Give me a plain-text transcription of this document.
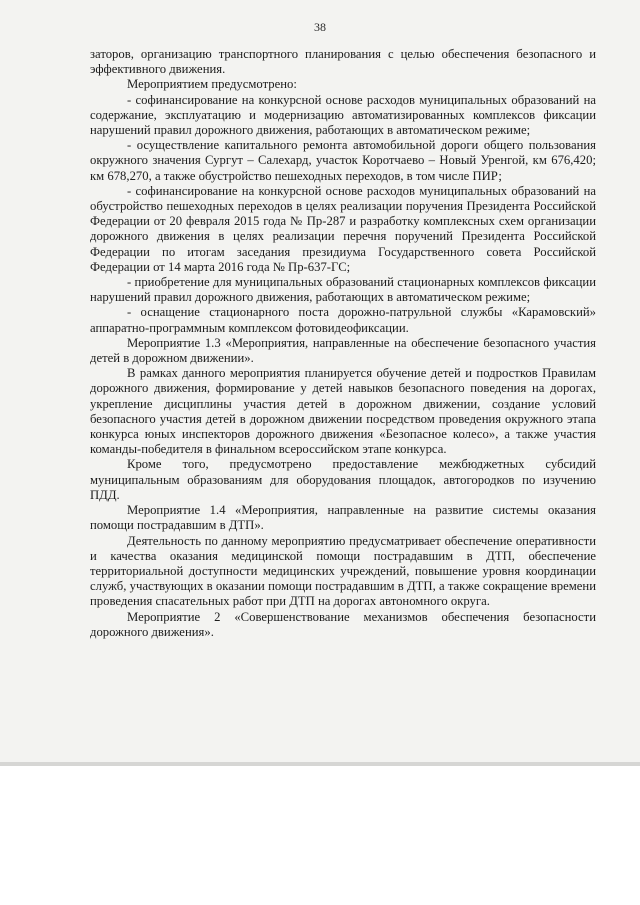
38

заторов, организацию транспортного планирования с целью обеспечения безопасного и эффективного движения.

Мероприятием предусмотрено:

- софинансирование на конкурсной основе расходов муниципальных образований на содержание, эксплуатацию и модернизацию автоматизированных комплексов фиксации нарушений правил дорожного движения, работающих в автоматическом режиме;

- осуществление капитального ремонта автомобильной дороги общего пользования окружного значения Сургут – Салехард, участок Коротчаево – Новый Уренгой, км 676,420; км 678,270, а также обустройство пешеходных переходов, в том числе ПИР;

- софинансирование на конкурсной основе расходов муниципальных образований на обустройство пешеходных переходов в целях реализации поручения Президента Российской Федерации от 20 февраля 2015 года № Пр-287 и разработку комплексных схем организации дорожного движения в целях реализации перечня поручений Президента Российской Федерации по итогам заседания президиума Государственного совета Российской Федерации от 14 марта 2016 года № Пр-637-ГС;

- приобретение для муниципальных образований стационарных комплексов фиксации нарушений правил дорожного движения, работающих в автоматическом режиме;

- оснащение стационарного поста дорожно-патрульной службы «Карамовский» аппаратно-программным комплексом фотовидеофиксации.

Мероприятие 1.3 «Мероприятия, направленные на обеспечение безопасного участия детей в дорожном движении».

В рамках данного мероприятия планируется обучение детей и подростков Правилам дорожного движения, формирование у детей навыков безопасного поведения на дорогах, укрепление дисциплины участия детей в дорожном движении, создание условий безопасного участия детей в дорожном движении посредством проведения окружного этапа конкурса юных инспекторов дорожного движения «Безопасное колесо», а также участия команды-победителя в финальном всероссийском этапе конкурса.

Кроме того, предусмотрено предоставление межбюджетных субсидий муниципальным образованиям для оборудования площадок, автогородков по изучению ПДД.

Мероприятие 1.4 «Мероприятия, направленные на развитие системы оказания помощи пострадавшим в ДТП».

Деятельность по данному мероприятию предусматривает обеспечение оперативности и качества оказания медицинской помощи пострадавшим в ДТП, обеспечение территориальной доступности медицинских учреждений, повышение уровня координации служб, участвующих в оказании помощи пострадавшим в ДТП, а также сокращение времени проведения спасательных работ при ДТП на дорогах автономного округа.

Мероприятие 2 «Совершенствование механизмов обеспечения безопасности дорожного движения».
